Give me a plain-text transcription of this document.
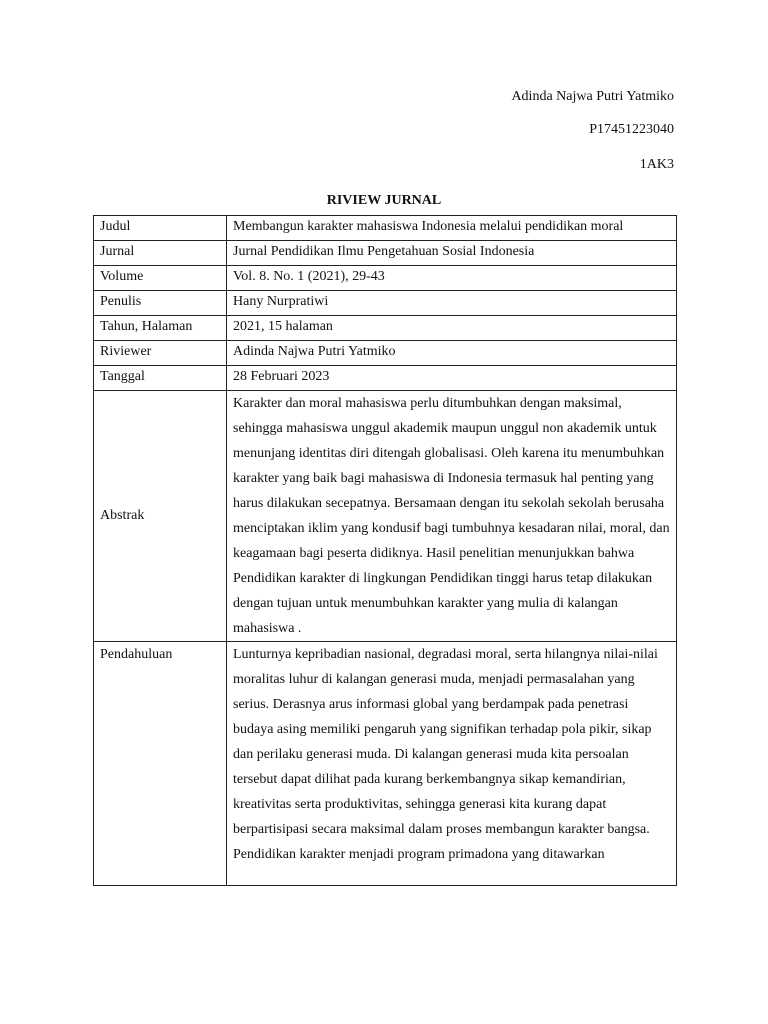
Adinda Najwa Putri Yatmiko
P17451223040
1AK3
RIVIEW JURNAL
Judul	Membangun karakter mahasiswa Indonesia melalui pendidikan moral
Jurnal	Jurnal Pendidikan Ilmu Pengetahuan Sosial Indonesia
Volume	Vol. 8. No. 1 (2021), 29-43
Penulis	Hany Nurpratiwi
Tahun, Halaman	2021, 15 halaman
Riviewer	Adinda Najwa Putri Yatmiko
Tanggal	28 Februari 2023
Abstrak	Karakter dan moral mahasiswa perlu ditumbuhkan dengan maksimal, sehingga mahasiswa unggul akademik maupun unggul non akademik untuk menunjang identitas diri ditengah globalisasi. Oleh karena itu menumbuhkan karakter yang baik bagi mahasiswa di Indonesia termasuk hal penting yang harus dilakukan secepatnya. Bersamaan dengan itu sekolah sekolah berusaha menciptakan iklim yang kondusif bagi tumbuhnya kesadaran nilai, moral, dan keagamaan bagi peserta didiknya. Hasil penelitian menunjukkan bahwa Pendidikan karakter di lingkungan Pendidikan tinggi harus tetap dilakukan dengan tujuan untuk menumbuhkan karakter yang mulia di kalangan mahasiswa .
Pendahuluan	Lunturnya kepribadian nasional, degradasi moral, serta hilangnya nilai-nilai moralitas luhur di kalangan generasi muda, menjadi permasalahan yang serius. Derasnya arus informasi global yang berdampak pada penetrasi budaya asing memiliki pengaruh yang signifikan terhadap pola pikir, sikap dan perilaku generasi muda. Di kalangan generasi muda kita persoalan tersebut dapat dilihat pada kurang berkembangnya sikap kemandirian, kreativitas serta produktivitas, sehingga generasi kita kurang dapat berpartisipasi secara maksimal dalam proses membangun karakter bangsa. Pendidikan karakter menjadi program primadona yang ditawarkan
